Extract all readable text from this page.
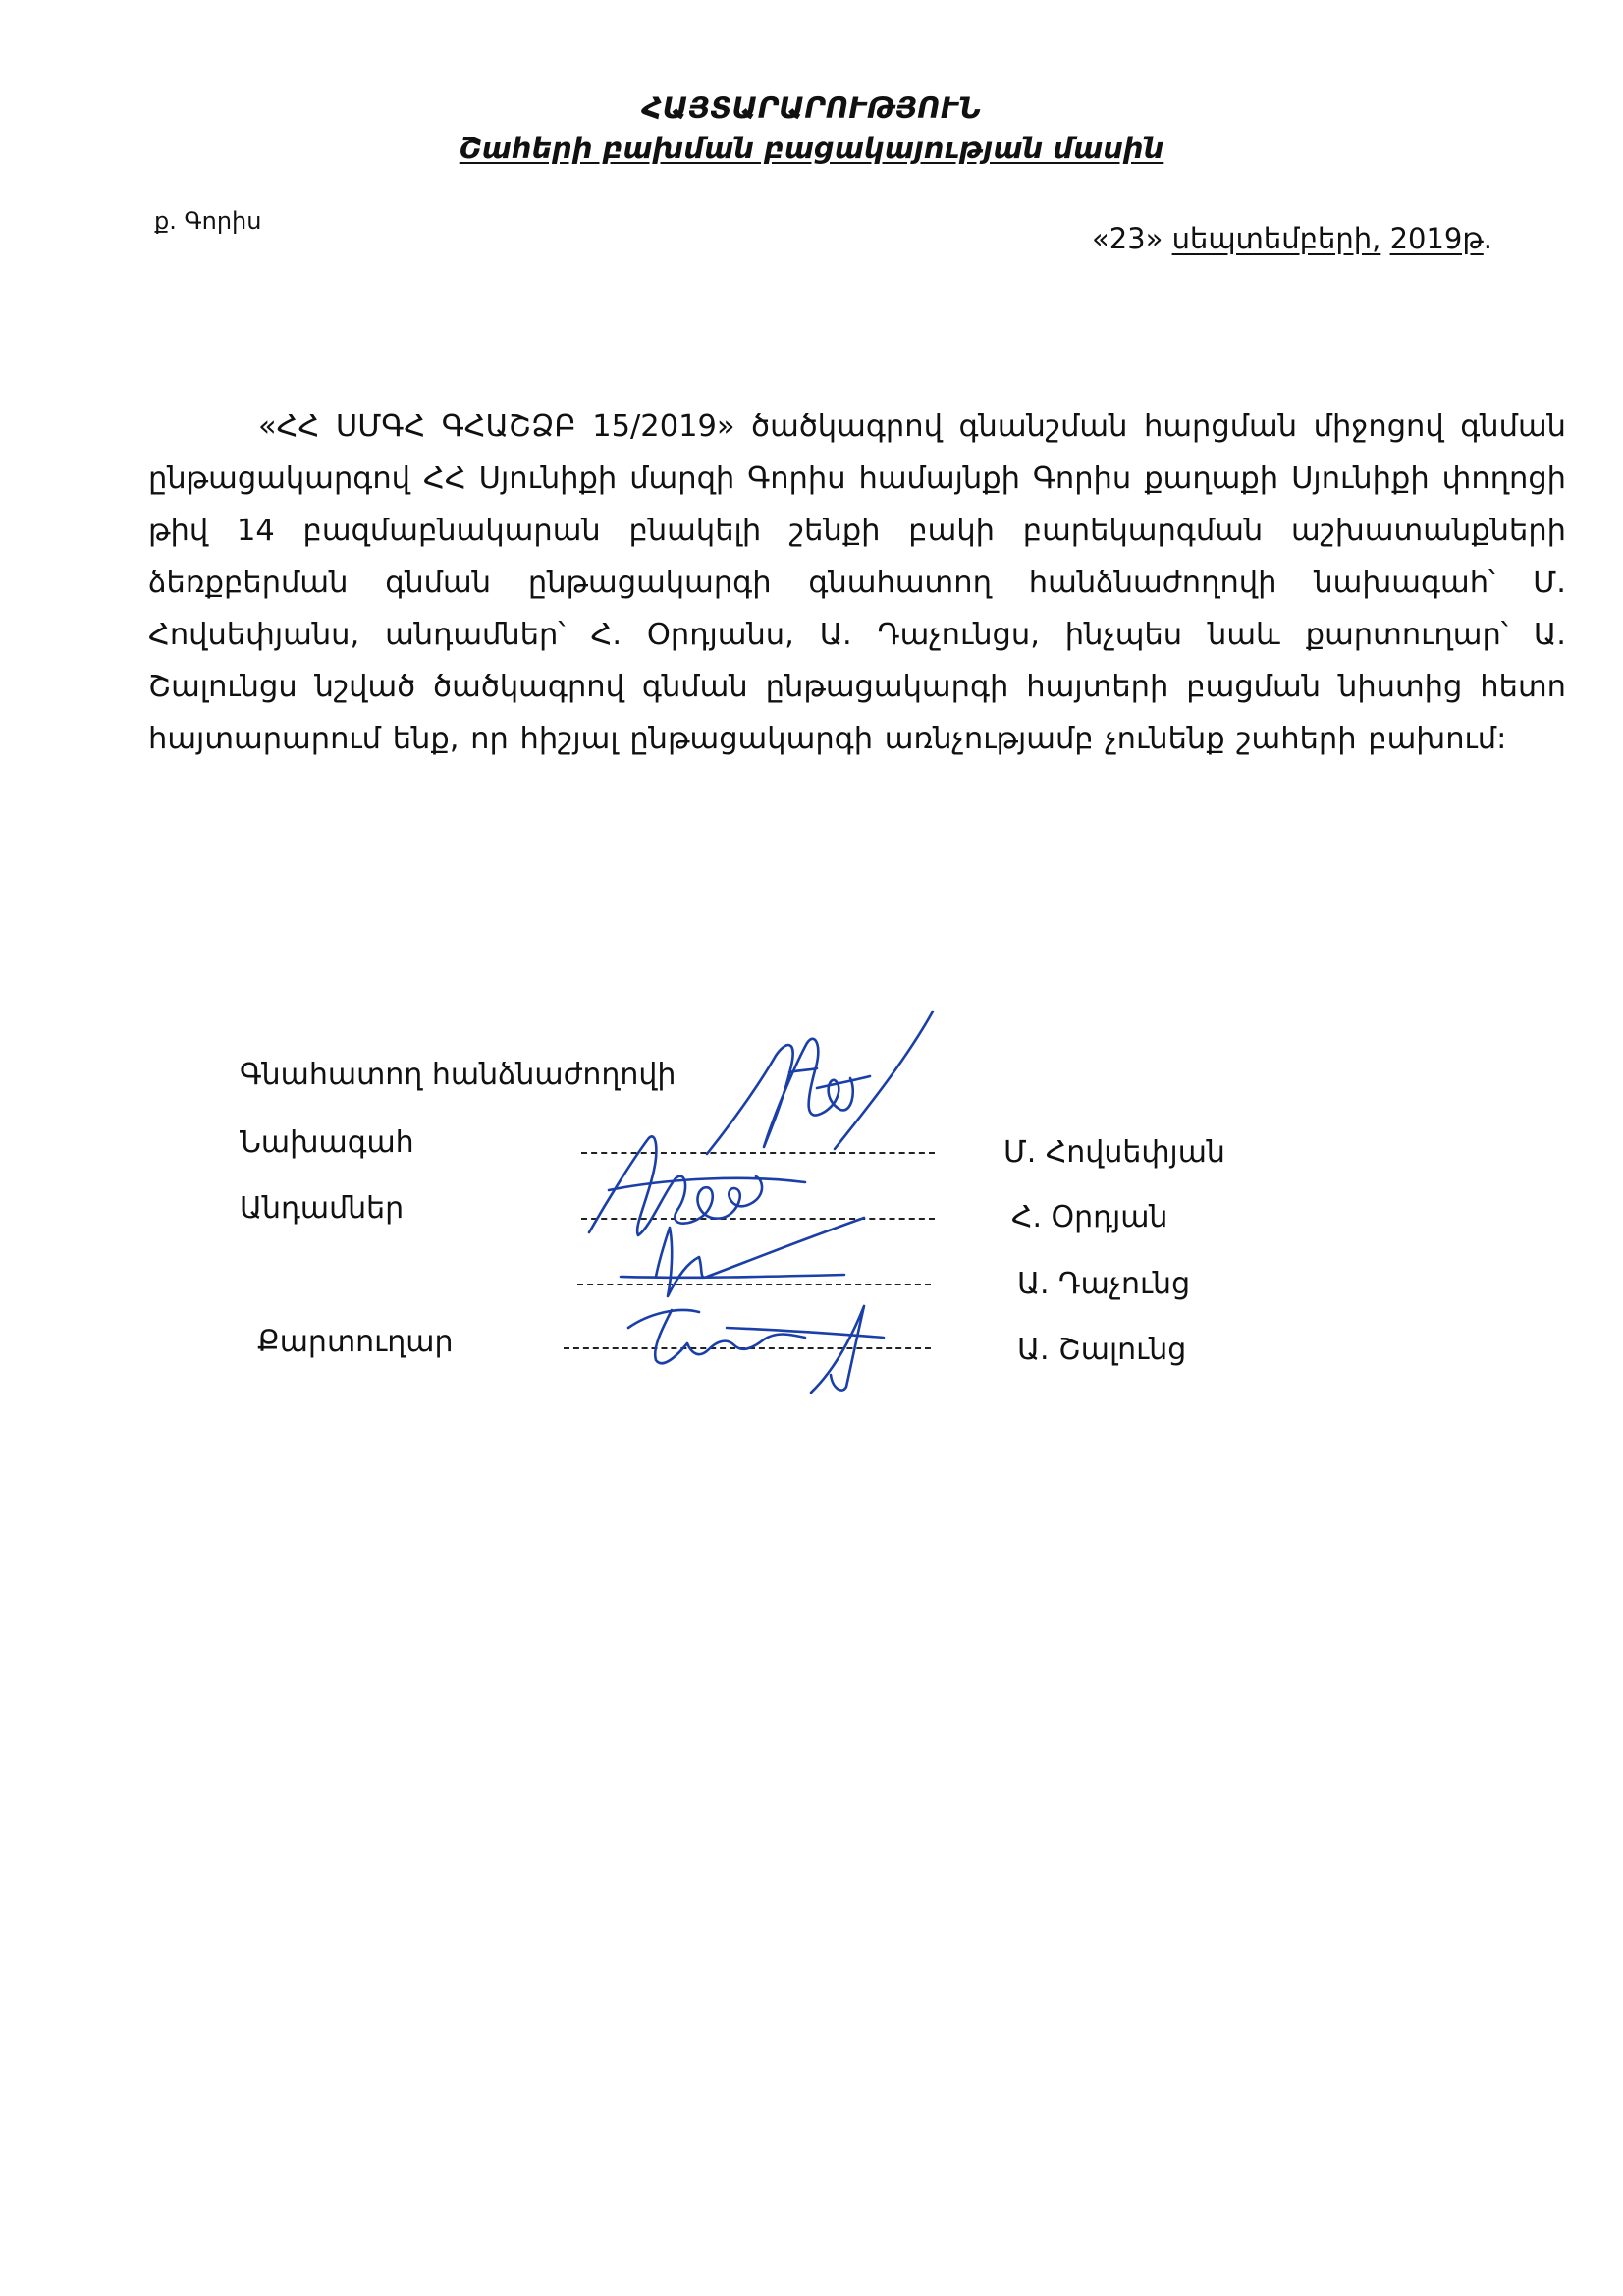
ՀԱՅՏԱՐԱՐՈՒԹՅՈՒՆ
Շահերի բախման բացակայության մասին
ք. Գորիս
«23» սեպտեմբերի, 2019թ.
«ՀՀ ՍՄԳՀ ԳՀԱՇՁԲ 15/2019» ծածկագրով գնանշման հարցման միջոցով գնման ընթացակարգով ՀՀ Սյունիքի մարզի Գորիս համայնքի Գորիս քաղաքի Սյունիքի փողոցի թիվ 14 բազմաբնակարան բնակելի շենքի բակի բարեկարգման աշխատանքների ձեռքբերման գնման ընթացակարգի գնահատող հանձնաժողովի նախագահ՝ Մ. Հովսեփյանս, անդամներ՝ Հ. Օրդյանս, Ա. Դաչունցս, ինչպես նաև քարտուղար՝ Ա. Շալունցս նշված ծածկագրով գնման ընթացակարգի հայտերի բացման նիստից հետո հայտարարում ենք, որ հիշյալ ընթացակարգի առնչությամբ չունենք շահերի բախում:
Գնահատող հանձնաժողովի
Նախագահ
Անդամներ
Քարտուղար
Մ. Հովսեփյան
Հ. Օրդյան
Ա. Դաչունց
Ա. Շալունց
